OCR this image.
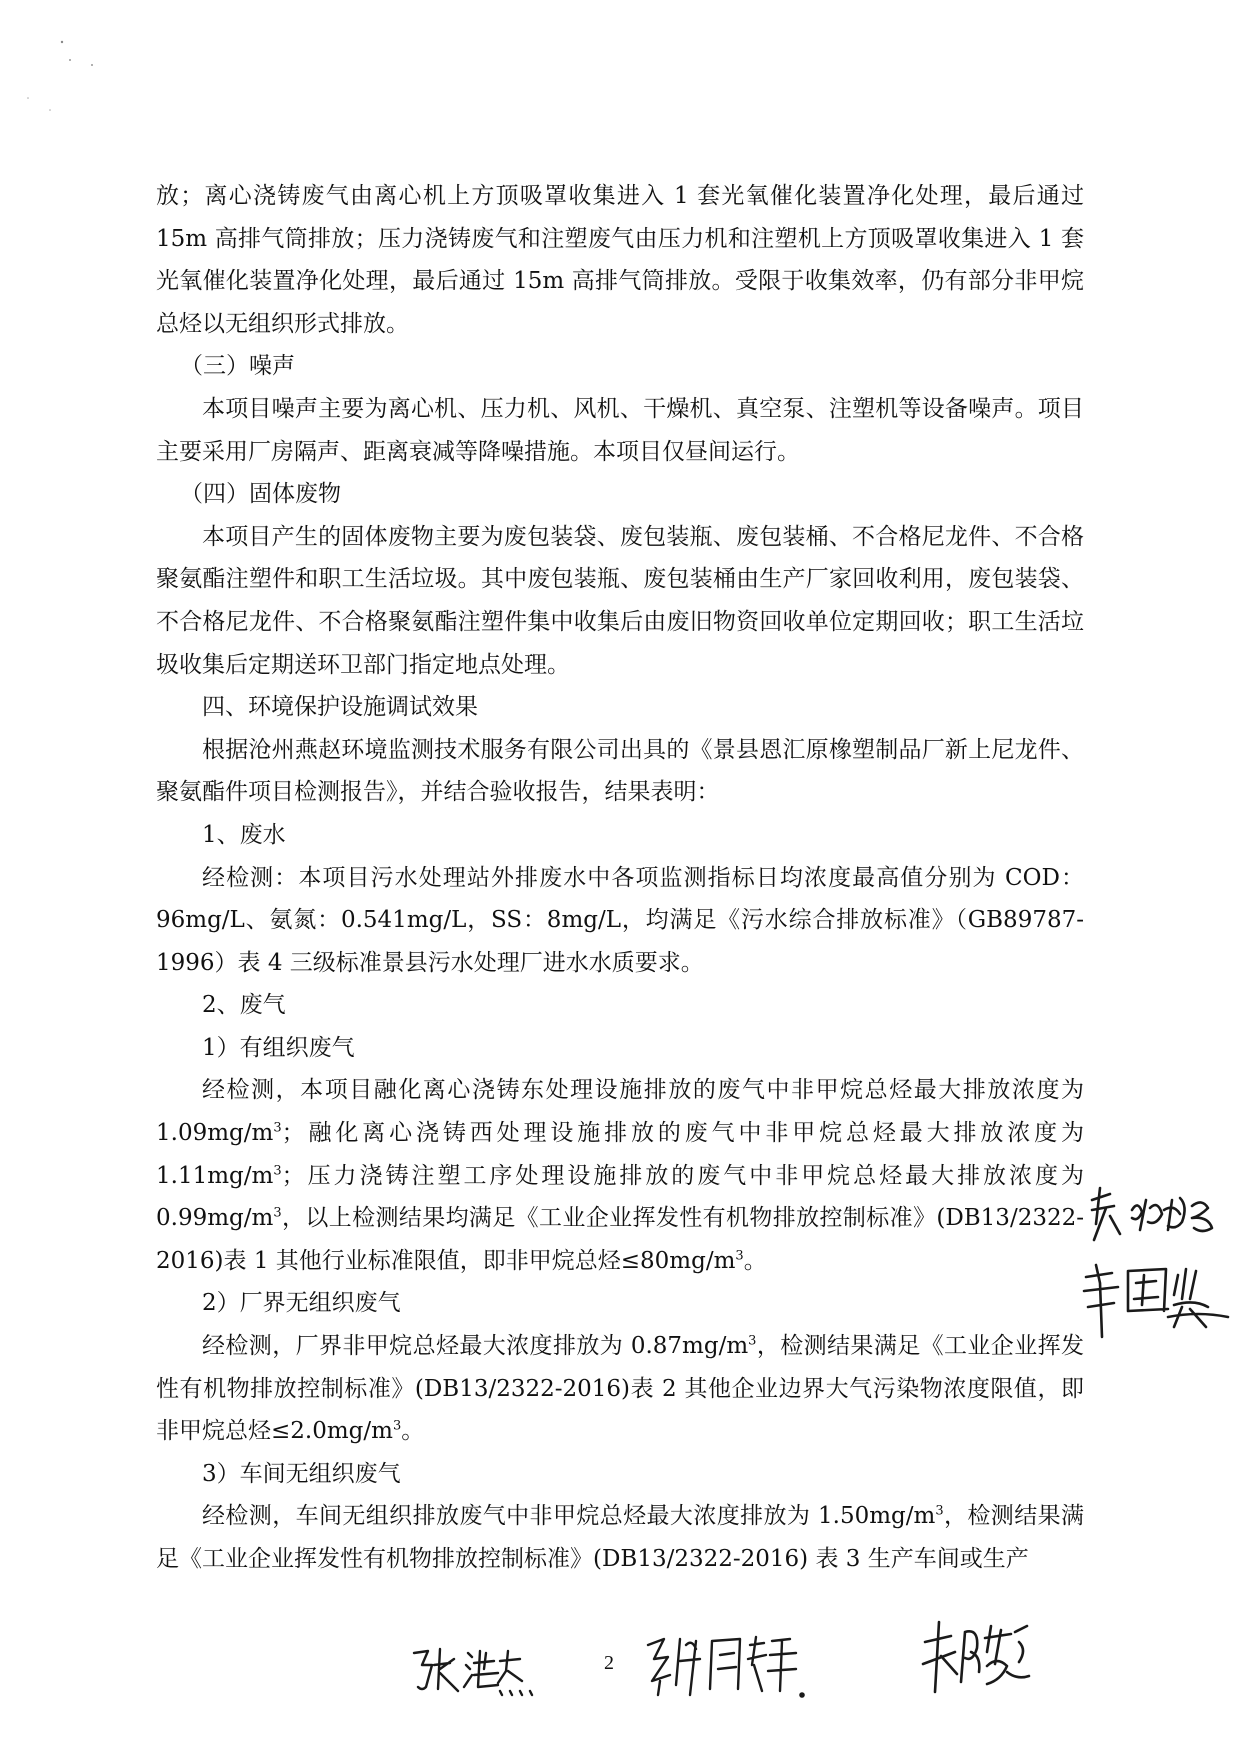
放；离心浇铸废气由离心机上方顶吸罩收集进入 1 套光氧催化装置净化处理，最后通过 15m 高排气筒排放；压力浇铸废气和注塑废气由压力机和注塑机上方顶吸罩收集进入 1 套光氧催化装置净化处理，最后通过 15m 高排气筒排放。受限于收集效率，仍有部分非甲烷总烃以无组织形式排放。

（三）噪声

本项目噪声主要为离心机、压力机、风机、干燥机、真空泵、注塑机等设备噪声。项目主要采用厂房隔声、距离衰减等降噪措施。本项目仅昼间运行。

（四）固体废物

本项目产生的固体废物主要为废包装袋、废包装瓶、废包装桶、不合格尼龙件、不合格聚氨酯注塑件和职工生活垃圾。其中废包装瓶、废包装桶由生产厂家回收利用，废包装袋、不合格尼龙件、不合格聚氨酯注塑件集中收集后由废旧物资回收单位定期回收；职工生活垃圾收集后定期送环卫部门指定地点处理。

四、环境保护设施调试效果

根据沧州燕赵环境监测技术服务有限公司出具的《景县恩汇原橡塑制品厂新上尼龙件、聚氨酯件项目检测报告》，并结合验收报告，结果表明：

1、废水

经检测：本项目污水处理站外排废水中各项监测指标日均浓度最高值分别为 COD：96mg/L、氨氮：0.541mg/L，SS：8mg/L，均满足《污水综合排放标准》（GB89787-1996）表 4 三级标准景县污水处理厂进水水质要求。

2、废气

1）有组织废气

经检测，本项目融化离心浇铸东处理设施排放的废气中非甲烷总烃最大排放浓度为 $1.09mg/m^3$；融化离心浇铸西处理设施排放的废气中非甲烷总烃最大排放浓度为 $1.11mg/m^3$；压力浇铸注塑工序处理设施排放的废气中非甲烷总烃最大排放浓度为 $0.99mg/m^3$，以上检测结果均满足《工业企业挥发性有机物排放控制标准》(DB13/2322-2016)表 1 其他行业标准限值，即非甲烷总烃$\le 80mg/m^3$。

2）厂界无组织废气

经检测，厂界非甲烷总烃最大浓度排放为 $0.87mg/m^3$，检测结果满足《工业企业挥发性有机物排放控制标准》(DB13/2322-2016)表 2 其他企业边界大气污染物浓度限值，即非甲烷总烃$\le 2.0mg/m^3$。

3）车间无组织废气

经检测，车间无组织排放废气中非甲烷总烃最大浓度排放为 $1.50mg/m^3$，检测结果满足《工业企业挥发性有机物排放控制标准》(DB13/2322-2016) 表 3 生产车间或生产

2
